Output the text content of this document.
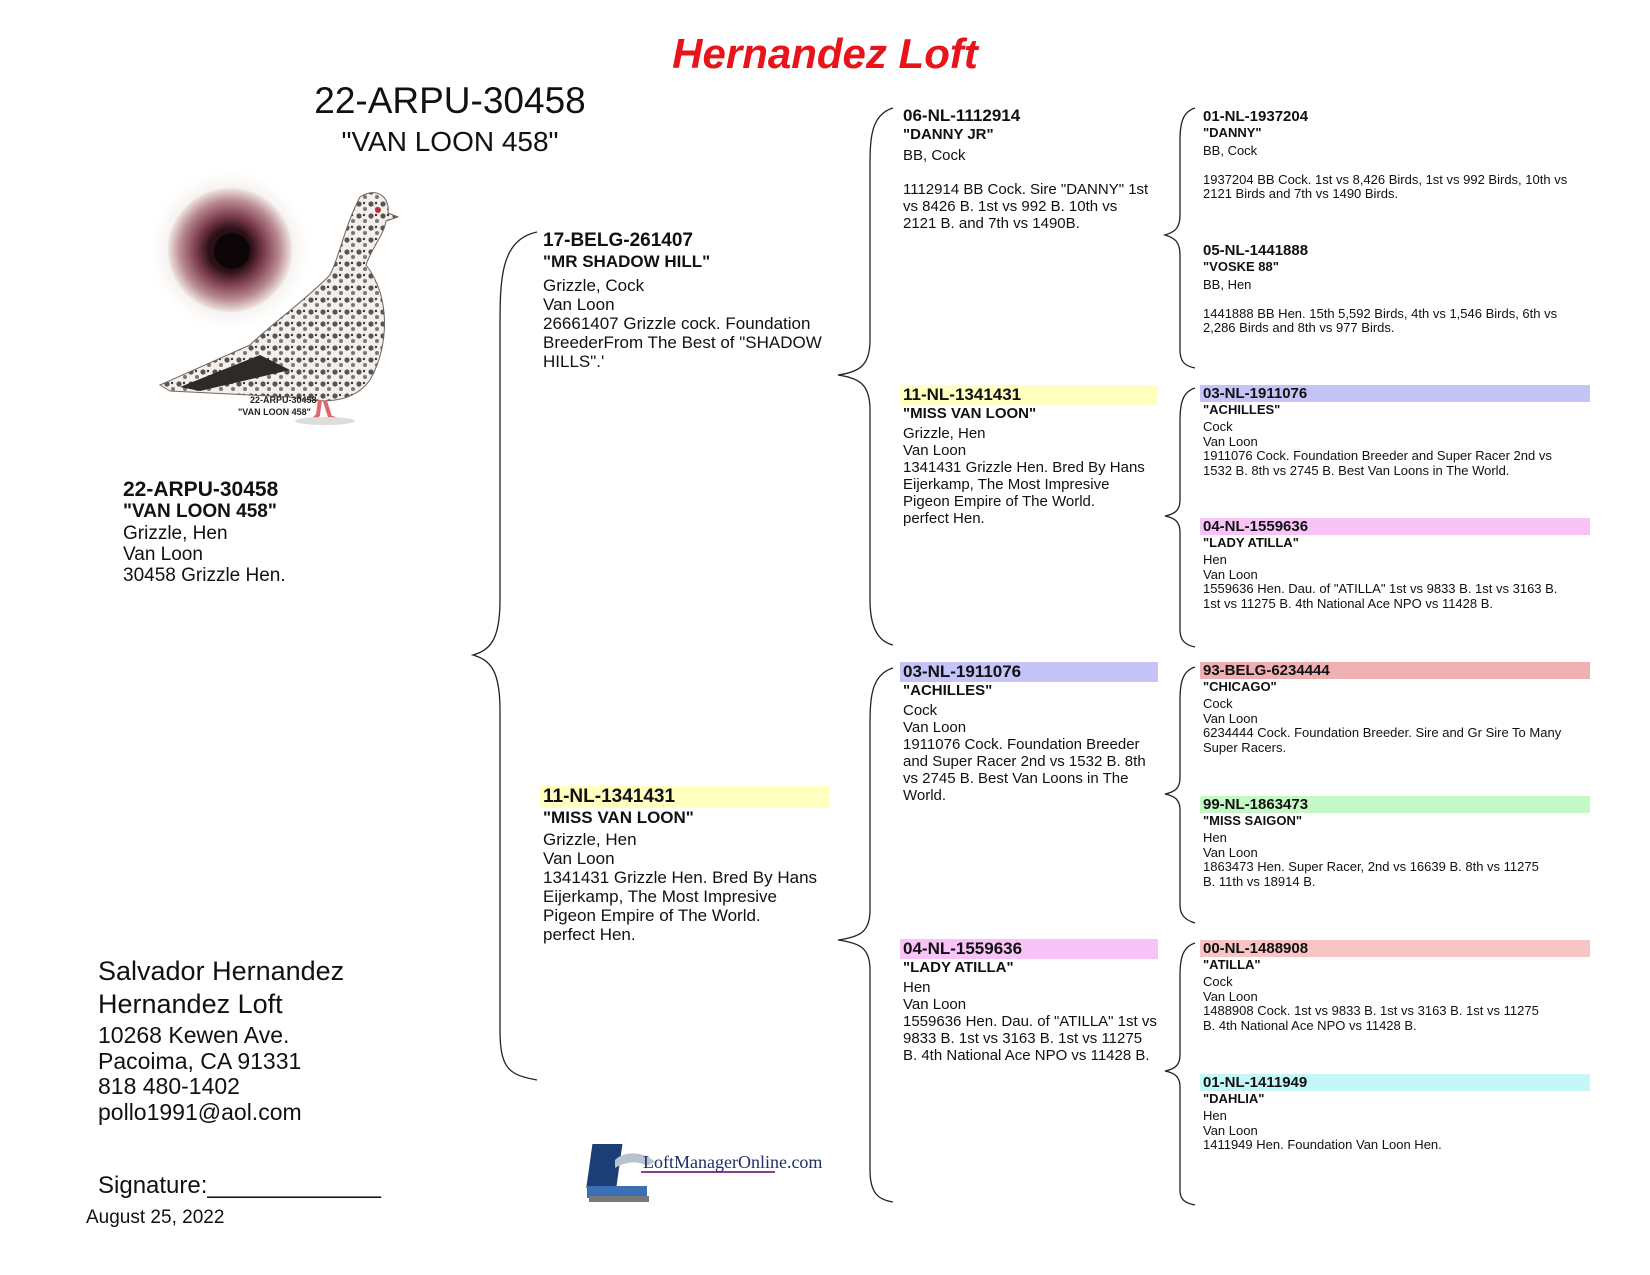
Hernandez Loft
22-ARPU-30458
"VAN LOON 458"
22-ARPU-30458
"VAN LOON 458"
22-ARPU-30458
"VAN LOON 458"
Grizzle, Hen
Van Loon
30458 Grizzle Hen.
17-BELG-261407
"MR SHADOW HILL"
Grizzle, Cock
Van Loon
26661407 Grizzle cock. Foundation BreederFrom The Best of "SHADOW HILLS".'
11-NL-1341431
"MISS VAN LOON"
Grizzle, Hen
Van Loon
1341431 Grizzle Hen. Bred By Hans Eijerkamp, The Most Impresive Pigeon Empire of The World.
perfect Hen.
06-NL-1112914
"DANNY JR"
BB, Cock
1112914 BB Cock. Sire "DANNY" 1st vs 8426 B. 1st vs 992 B. 10th vs 2121 B. and 7th vs 1490B.
11-NL-1341431
"MISS VAN LOON"
Grizzle, Hen
Van Loon
1341431 Grizzle Hen. Bred By Hans Eijerkamp, The Most Impresive Pigeon Empire of The World.
perfect Hen.
03-NL-1911076
"ACHILLES"
Cock
Van Loon
1911076 Cock. Foundation Breeder and Super Racer 2nd vs 1532 B. 8th vs 2745 B. Best Van Loons in The World.
04-NL-1559636
"LADY ATILLA"
Hen
Van Loon
1559636 Hen. Dau. of "ATILLA" 1st vs 9833 B. 1st vs 3163 B. 1st vs 11275 B. 4th National Ace NPO vs 11428 B.
01-NL-1937204
"DANNY"
BB, Cock
1937204 BB Cock. 1st vs 8,426 Birds, 1st vs 992 Birds, 10th vs 2121 Birds and 7th vs 1490 Birds.
05-NL-1441888
"VOSKE 88"
BB, Hen
1441888 BB Hen. 15th 5,592 Birds, 4th vs 1,546 Birds, 6th vs 2,286 Birds and 8th vs 977 Birds.
03-NL-1911076
"ACHILLES"
Cock
Van Loon
1911076 Cock. Foundation Breeder and Super Racer 2nd vs 1532 B. 8th vs 2745 B. Best Van Loons in The World.
04-NL-1559636
"LADY ATILLA"
Hen
Van Loon
1559636 Hen. Dau. of "ATILLA" 1st vs 9833 B. 1st vs 3163 B. 1st vs 11275 B. 4th National Ace NPO vs 11428 B.
93-BELG-6234444
"CHICAGO"
Cock
Van Loon
6234444 Cock. Foundation Breeder. Sire and Gr Sire To Many Super Racers.
99-NL-1863473
"MISS SAIGON"
Hen
Van Loon
1863473 Hen. Super Racer, 2nd vs 16639 B. 8th vs 11275 B. 11th vs 18914 B.
00-NL-1488908
"ATILLA"
Cock
Van Loon
1488908 Cock. 1st vs 9833 B. 1st vs 3163 B. 1st vs 11275 B. 4th National Ace NPO vs 11428 B.
01-NL-1411949
"DAHLIA"
Hen
Van Loon
1411949 Hen. Foundation Van Loon Hen.
Salvador Hernandez
Hernandez Loft
10268 Kewen Ave.
Pacoima, CA 91331
818 480-1402
pollo1991@aol.com
Signature:_____________
August 25, 2022
LoftManagerOnline.com
